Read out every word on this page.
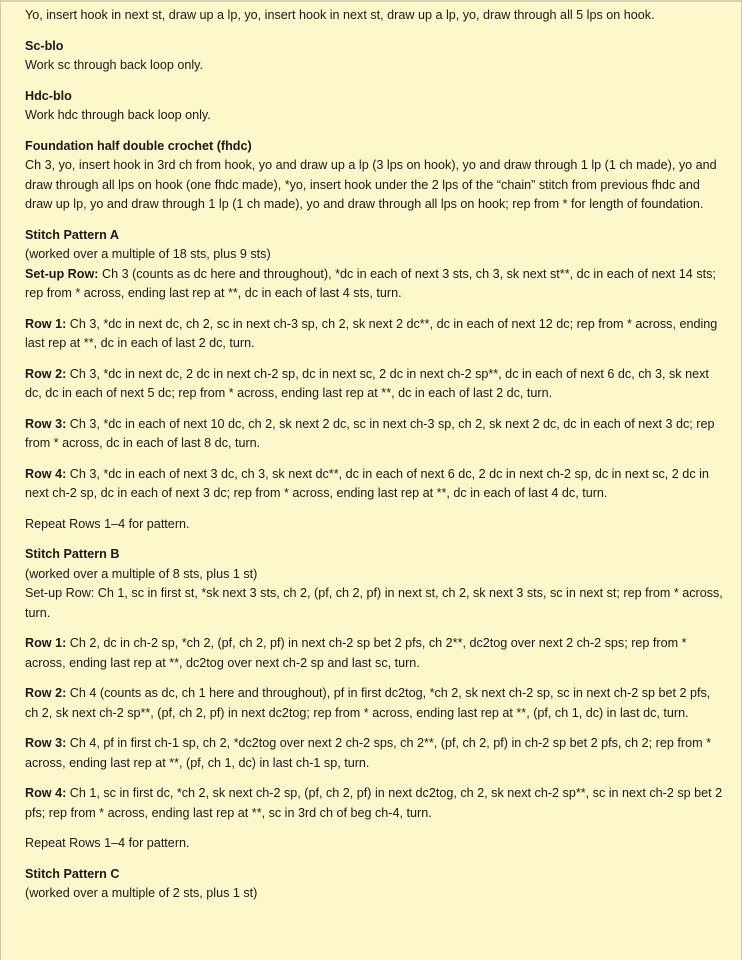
Yo, insert hook in next st, draw up a lp, yo, insert hook in next st, draw up a lp, yo, draw through all 5 lps on hook.

Sc-blo
Work sc through back loop only.

Hdc-blo
Work hdc through back loop only.

Foundation half double crochet (fhdc)
Ch 3, yo, insert hook in 3rd ch from hook, yo and draw up a lp (3 lps on hook), yo and draw through 1 lp (1 ch made), yo and draw through all lps on hook (one fhdc made), *yo, insert hook under the 2 lps of the “chain” stitch from previous fhdc and draw up lp, yo and draw through 1 lp (1 ch made), yo and draw through all lps on hook; rep from * for length of foundation.

Stitch Pattern A
(worked over a multiple of 18 sts, plus 9 sts)
Set-up Row: Ch 3 (counts as dc here and throughout), *dc in each of next 3 sts, ch 3, sk next st**, dc in each of next 14 sts; rep from * across, ending last rep at **, dc in each of last 4 sts, turn.

Row 1: Ch 3, *dc in next dc, ch 2, sc in next ch-3 sp, ch 2, sk next 2 dc**, dc in each of next 12 dc; rep from * across, ending last rep at **, dc in each of last 2 dc, turn.

Row 2: Ch 3, *dc in next dc, 2 dc in next ch-2 sp, dc in next sc, 2 dc in next ch-2 sp**, dc in each of next 6 dc, ch 3, sk next dc, dc in each of next 5 dc; rep from * across, ending last rep at **, dc in each of last 2 dc, turn.

Row 3: Ch 3, *dc in each of next 10 dc, ch 2, sk next 2 dc, sc in next ch-3 sp, ch 2, sk next 2 dc, dc in each of next 3 dc; rep from * across, dc in each of last 8 dc, turn.

Row 4: Ch 3, *dc in each of next 3 dc, ch 3, sk next dc**, dc in each of next 6 dc, 2 dc in next ch-2 sp, dc in next sc, 2 dc in next ch-2 sp, dc in each of next 3 dc; rep from * across, ending last rep at **, dc in each of last 4 dc, turn.

Repeat Rows 1–4 for pattern.

Stitch Pattern B
(worked over a multiple of 8 sts, plus 1 st)
Set-up Row: Ch 1, sc in first st, *sk next 3 sts, ch 2, (pf, ch 2, pf) in next st, ch 2, sk next 3 sts, sc in next st; rep from * across, turn.

Row 1: Ch 2, dc in ch-2 sp, *ch 2, (pf, ch 2, pf) in next ch-2 sp bet 2 pfs, ch 2**, dc2tog over next 2 ch-2 sps; rep from * across, ending last rep at **, dc2tog over next ch-2 sp and last sc, turn.

Row 2: Ch 4 (counts as dc, ch 1 here and throughout), pf in first dc2tog, *ch 2, sk next ch-2 sp, sc in next ch-2 sp bet 2 pfs, ch 2, sk next ch-2 sp**, (pf, ch 2, pf) in next dc2tog; rep from * across, ending last rep at **, (pf, ch 1, dc) in last dc, turn.

Row 3: Ch 4, pf in first ch-1 sp, ch 2, *dc2tog over next 2 ch-2 sps, ch 2**, (pf, ch 2, pf) in ch-2 sp bet 2 pfs, ch 2; rep from * across, ending last rep at **, (pf, ch 1, dc) in last ch-1 sp, turn.

Row 4: Ch 1, sc in first dc, *ch 2, sk next ch-2 sp, (pf, ch 2, pf) in next dc2tog, ch 2, sk next ch-2 sp**, sc in next ch-2 sp bet 2 pfs; rep from * across, ending last rep at **, sc in 3rd ch of beg ch-4, turn.

Repeat Rows 1–4 for pattern.

Stitch Pattern C
(worked over a multiple of 2 sts, plus 1 st)
